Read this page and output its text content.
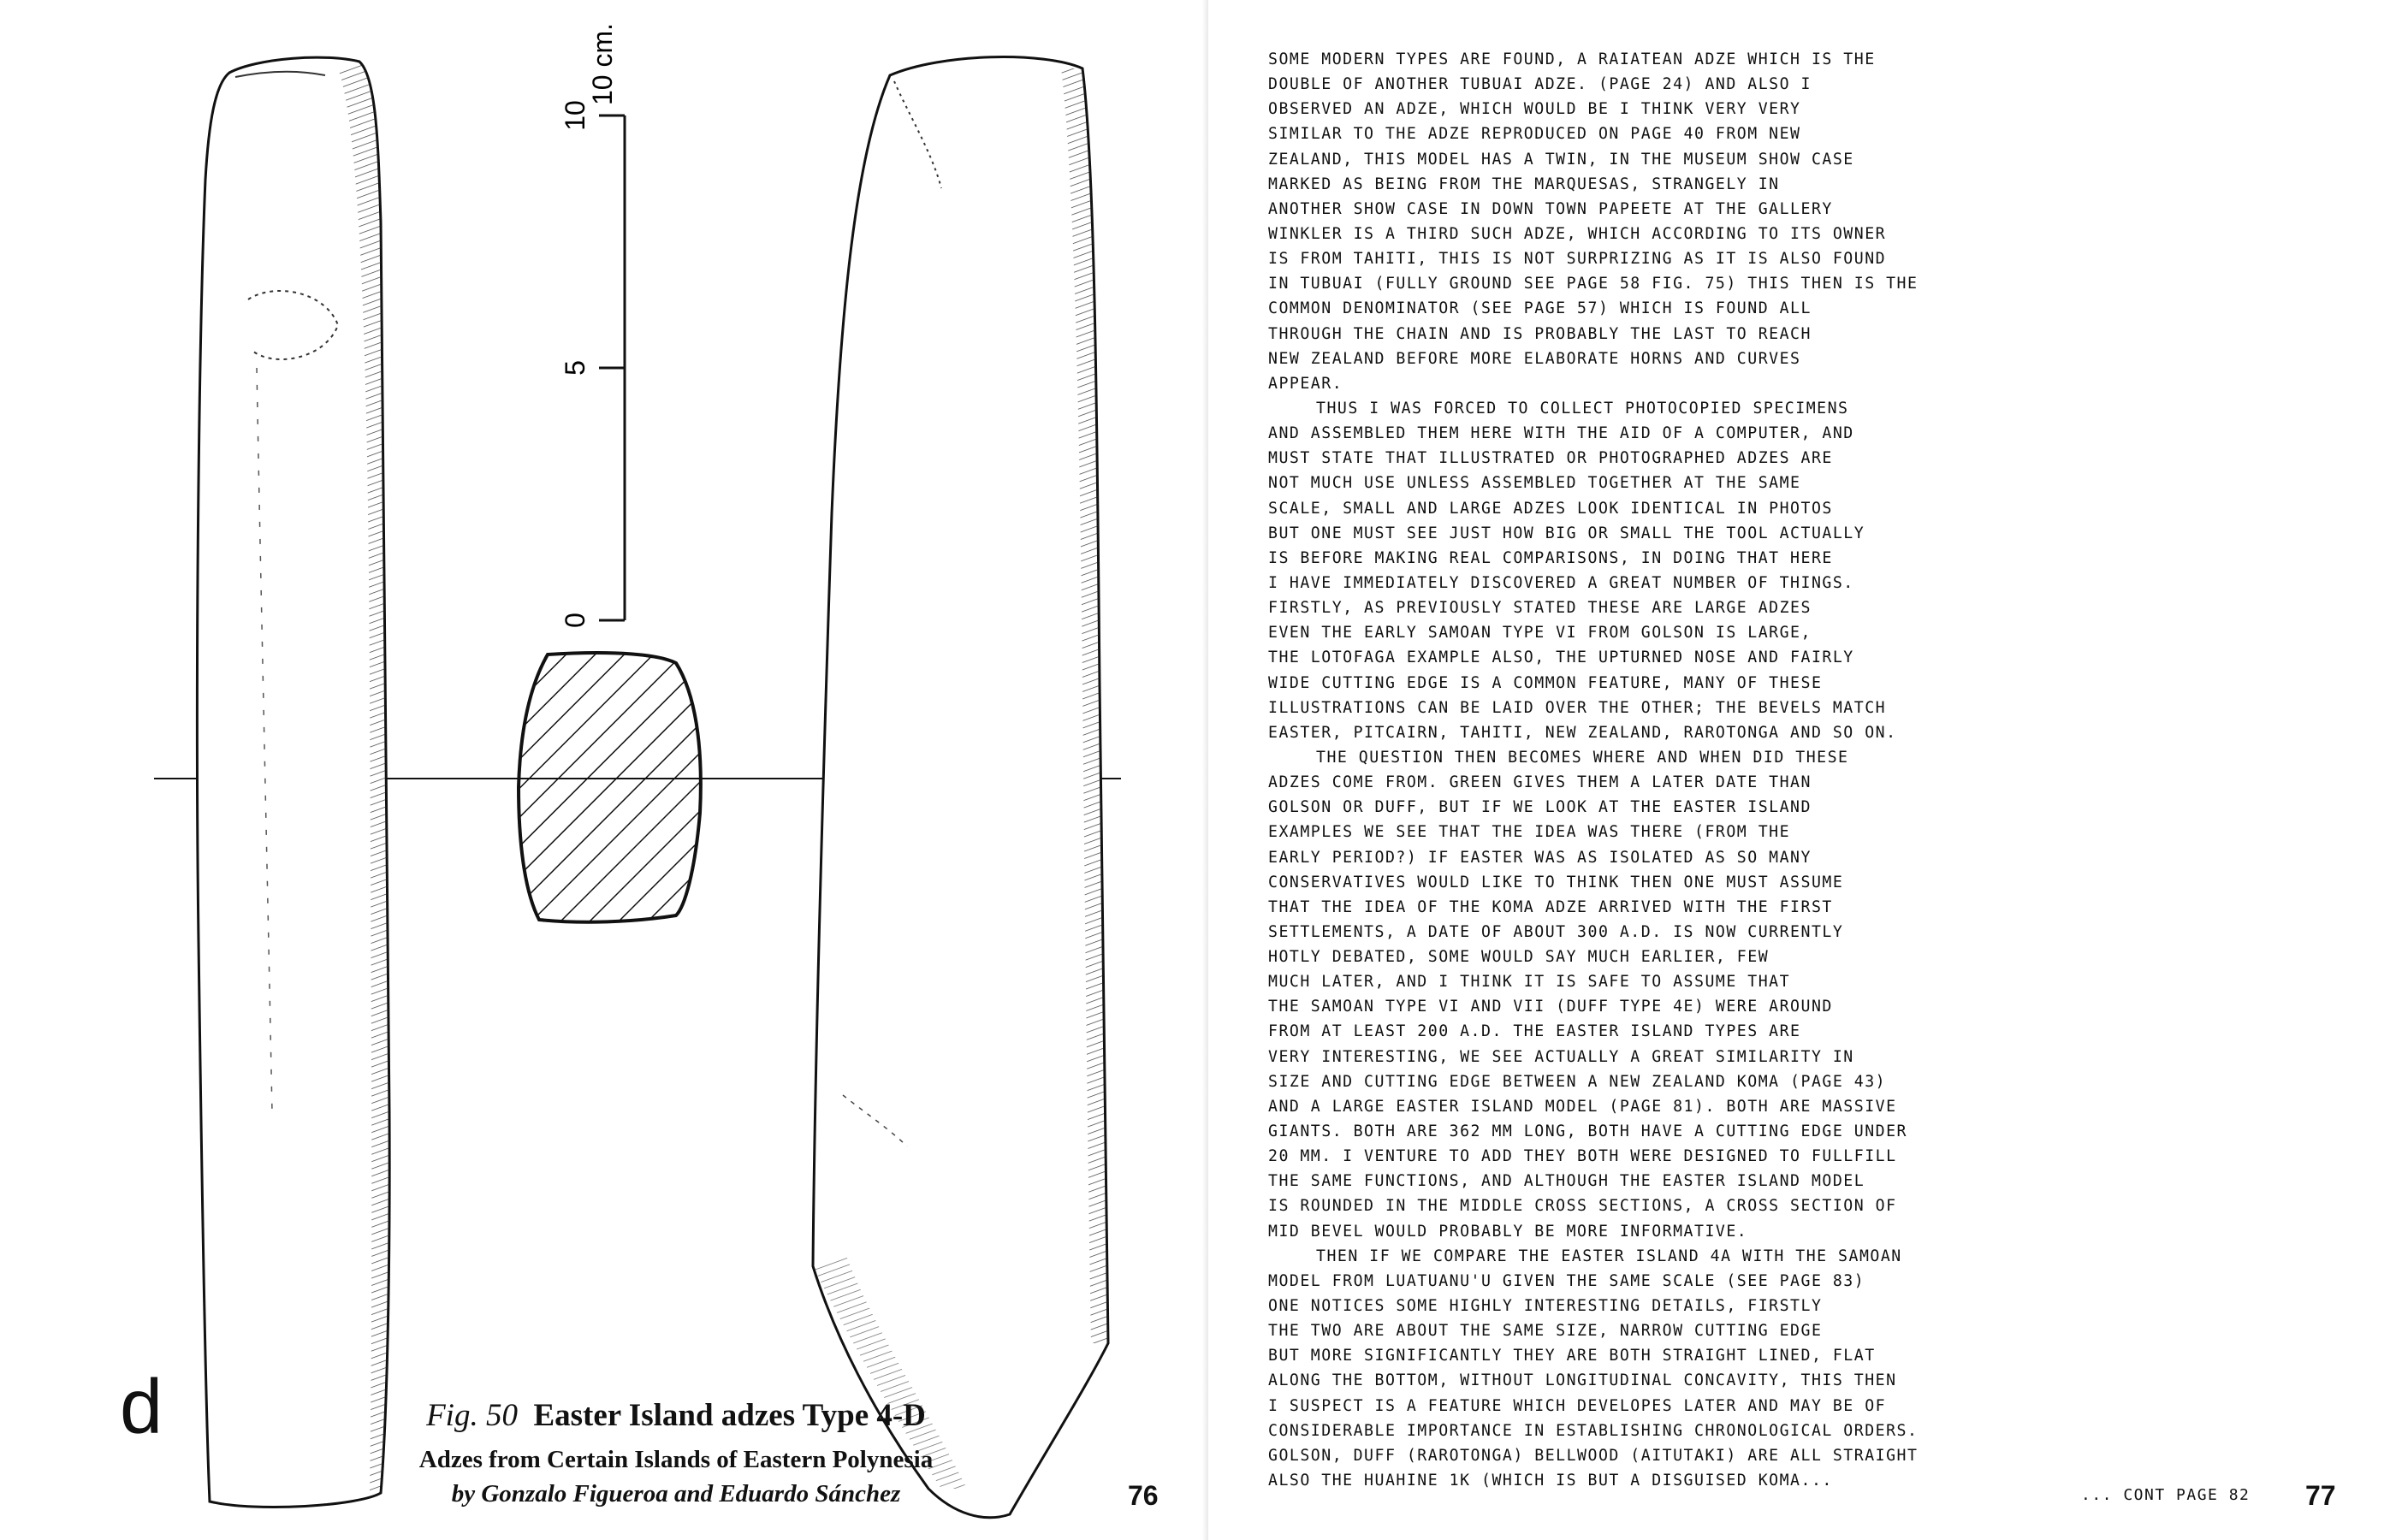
10
5
0
10 cm.
d	Fig. 50 Easter Island adzes Type 4-D
Adzes from Certain Islands of Eastern Polynesia
by Gonzalo Figueroa and Eduardo Sánchez	76
SOME MODERN TYPES ARE FOUND, A RAIATEAN ADZE WHICH IS THE
DOUBLE OF ANOTHER TUBUAI ADZE. (PAGE 24) AND ALSO I
OBSERVED AN ADZE, WHICH WOULD BE I THINK VERY VERY
SIMILAR TO THE ADZE REPRODUCED ON PAGE 40 FROM NEW
ZEALAND, THIS MODEL HAS A TWIN, IN THE MUSEUM SHOW CASE
MARKED AS BEING FROM THE MARQUESAS, STRANGELY IN
ANOTHER SHOW CASE IN DOWN TOWN PAPEETE AT THE GALLERY
WINKLER IS A THIRD SUCH ADZE, WHICH ACCORDING TO ITS OWNER
IS FROM TAHITI, THIS IS NOT SURPRIZING AS IT IS ALSO FOUND
IN TUBUAI (FULLY GROUND SEE PAGE 58 FIG. 75) THIS THEN IS THE
COMMON DENOMINATOR (SEE PAGE 57) WHICH IS FOUND ALL
THROUGH THE CHAIN AND IS PROBABLY THE LAST TO REACH
NEW ZEALAND BEFORE MORE ELABORATE HORNS AND CURVES
APPEAR.
THUS I WAS FORCED TO COLLECT PHOTOCOPIED SPECIMENS
AND ASSEMBLED THEM HERE WITH THE AID OF A COMPUTER, AND
MUST STATE THAT ILLUSTRATED OR PHOTOGRAPHED ADZES ARE
NOT MUCH USE UNLESS ASSEMBLED TOGETHER AT THE SAME
SCALE, SMALL AND LARGE ADZES LOOK IDENTICAL IN PHOTOS
BUT ONE MUST SEE JUST HOW BIG OR SMALL THE TOOL ACTUALLY
IS BEFORE MAKING REAL COMPARISONS, IN DOING THAT HERE
I HAVE IMMEDIATELY DISCOVERED A GREAT NUMBER OF THINGS.
FIRSTLY, AS PREVIOUSLY STATED THESE ARE LARGE ADZES
EVEN THE EARLY SAMOAN TYPE VI FROM GOLSON IS LARGE,
THE LOTOFAGA EXAMPLE ALSO, THE UPTURNED NOSE AND FAIRLY
WIDE CUTTING EDGE IS A COMMON FEATURE, MANY OF THESE
ILLUSTRATIONS CAN BE LAID OVER THE OTHER; THE BEVELS MATCH
EASTER, PITCAIRN, TAHITI, NEW ZEALAND, RAROTONGA AND SO ON.
THE QUESTION THEN BECOMES WHERE AND WHEN DID THESE
ADZES COME FROM. GREEN GIVES THEM A LATER DATE THAN
GOLSON OR DUFF, BUT IF WE LOOK AT THE EASTER ISLAND
EXAMPLES WE SEE THAT THE IDEA WAS THERE (FROM THE
EARLY PERIOD?) IF EASTER WAS AS ISOLATED AS SO MANY
CONSERVATIVES WOULD LIKE TO THINK THEN ONE MUST ASSUME
THAT THE IDEA OF THE KOMA ADZE ARRIVED WITH THE FIRST
SETTLEMENTS, A DATE OF ABOUT 300 A.D. IS NOW CURRENTLY
HOTLY DEBATED, SOME WOULD SAY MUCH EARLIER, FEW
MUCH LATER, AND I THINK IT IS SAFE TO ASSUME THAT
THE SAMOAN TYPE VI AND VII (DUFF TYPE 4E) WERE AROUND
FROM AT LEAST 200 A.D. THE EASTER ISLAND TYPES ARE
VERY INTERESTING, WE SEE ACTUALLY A GREAT SIMILARITY IN
SIZE AND CUTTING EDGE BETWEEN A NEW ZEALAND KOMA (PAGE 43)
AND A LARGE EASTER ISLAND MODEL (PAGE 81). BOTH ARE MASSIVE
GIANTS. BOTH ARE 362 MM LONG, BOTH HAVE A CUTTING EDGE UNDER
20 MM. I VENTURE TO ADD THEY BOTH WERE DESIGNED TO FULLFILL
THE SAME FUNCTIONS, AND ALTHOUGH THE EASTER ISLAND MODEL
IS ROUNDED IN THE MIDDLE CROSS SECTIONS, A CROSS SECTION OF
MID BEVEL WOULD PROBABLY BE MORE INFORMATIVE.
THEN IF WE COMPARE THE EASTER ISLAND 4A WITH THE SAMOAN
MODEL FROM LUATUANU'U GIVEN THE SAME SCALE (SEE PAGE 83)
ONE NOTICES SOME HIGHLY INTERESTING DETAILS, FIRSTLY
THE TWO ARE ABOUT THE SAME SIZE, NARROW CUTTING EDGE
BUT MORE SIGNIFICANTLY THEY ARE BOTH STRAIGHT LINED, FLAT
ALONG THE BOTTOM, WITHOUT LONGITUDINAL CONCAVITY, THIS THEN
I SUSPECT IS A FEATURE WHICH DEVELOPES LATER AND MAY BE OF
CONSIDERABLE IMPORTANCE IN ESTABLISHING CHRONOLOGICAL ORDERS.
GOLSON, DUFF (RAROTONGA) BELLWOOD (AITUTAKI) ARE ALL STRAIGHT
ALSO THE HUAHINE 1K (WHICH IS BUT A DISGUISED KOMA...
... CONT PAGE 82 77
